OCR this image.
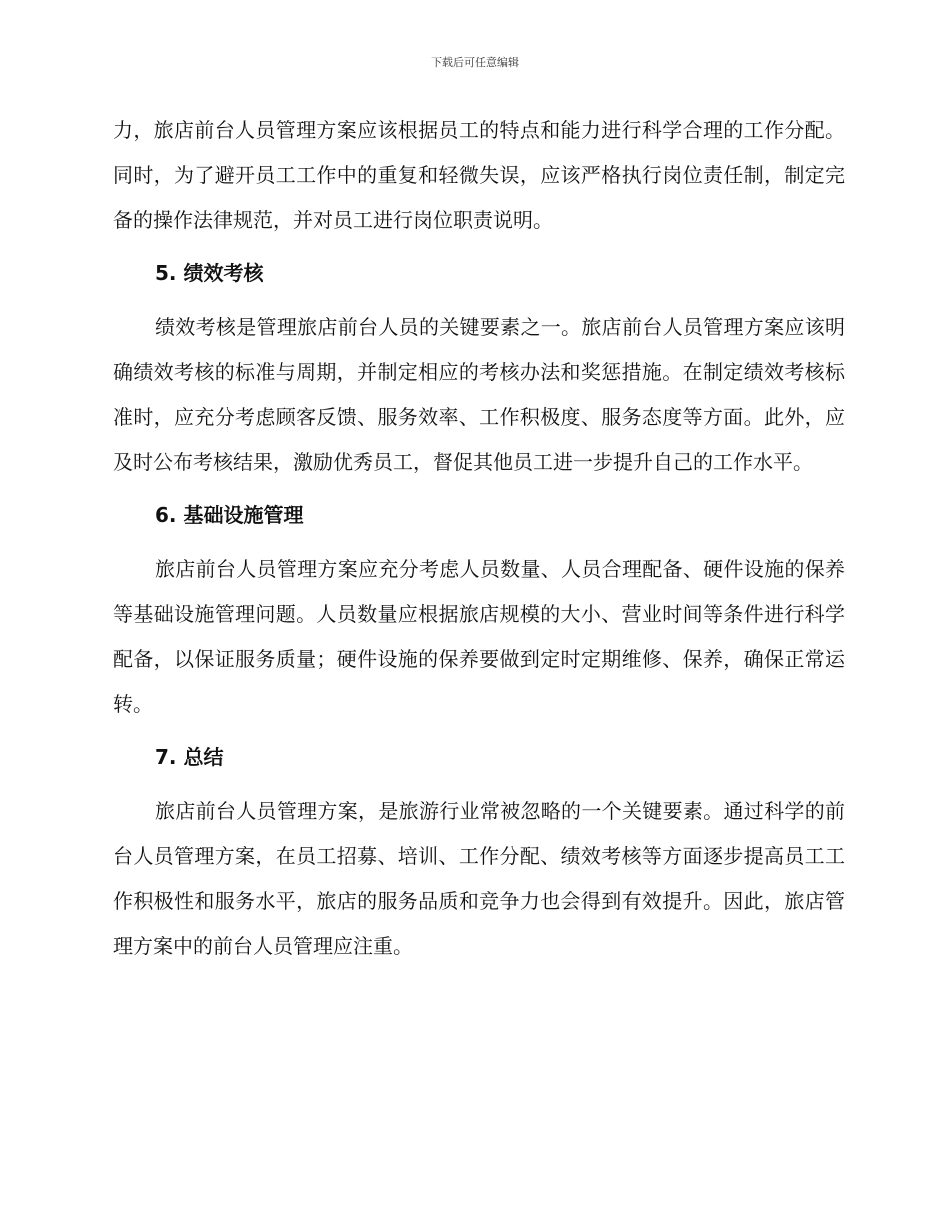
下载后可任意编辑

力，旅店前台人员管理方案应该根据员工的特点和能力进行科学合理的工作分配。同时，为了避开员工工作中的重复和轻微失误，应该严格执行岗位责任制，制定完备的操作法律规范，并对员工进行岗位职责说明。

5. 绩效考核

绩效考核是管理旅店前台人员的关键要素之一。旅店前台人员管理方案应该明确绩效考核的标准与周期，并制定相应的考核办法和奖惩措施。在制定绩效考核标准时，应充分考虑顾客反馈、服务效率、工作积极度、服务态度等方面。此外，应及时公布考核结果，激励优秀员工，督促其他员工进一步提升自己的工作水平。

6. 基础设施管理

旅店前台人员管理方案应充分考虑人员数量、人员合理配备、硬件设施的保养等基础设施管理问题。人员数量应根据旅店规模的大小、营业时间等条件进行科学配备，以保证服务质量；硬件设施的保养要做到定时定期维修、保养，确保正常运转。

7. 总结

旅店前台人员管理方案，是旅游行业常被忽略的一个关键要素。通过科学的前台人员管理方案，在员工招募、培训、工作分配、绩效考核等方面逐步提高员工工作积极性和服务水平，旅店的服务品质和竞争力也会得到有效提升。因此，旅店管理方案中的前台人员管理应注重。
